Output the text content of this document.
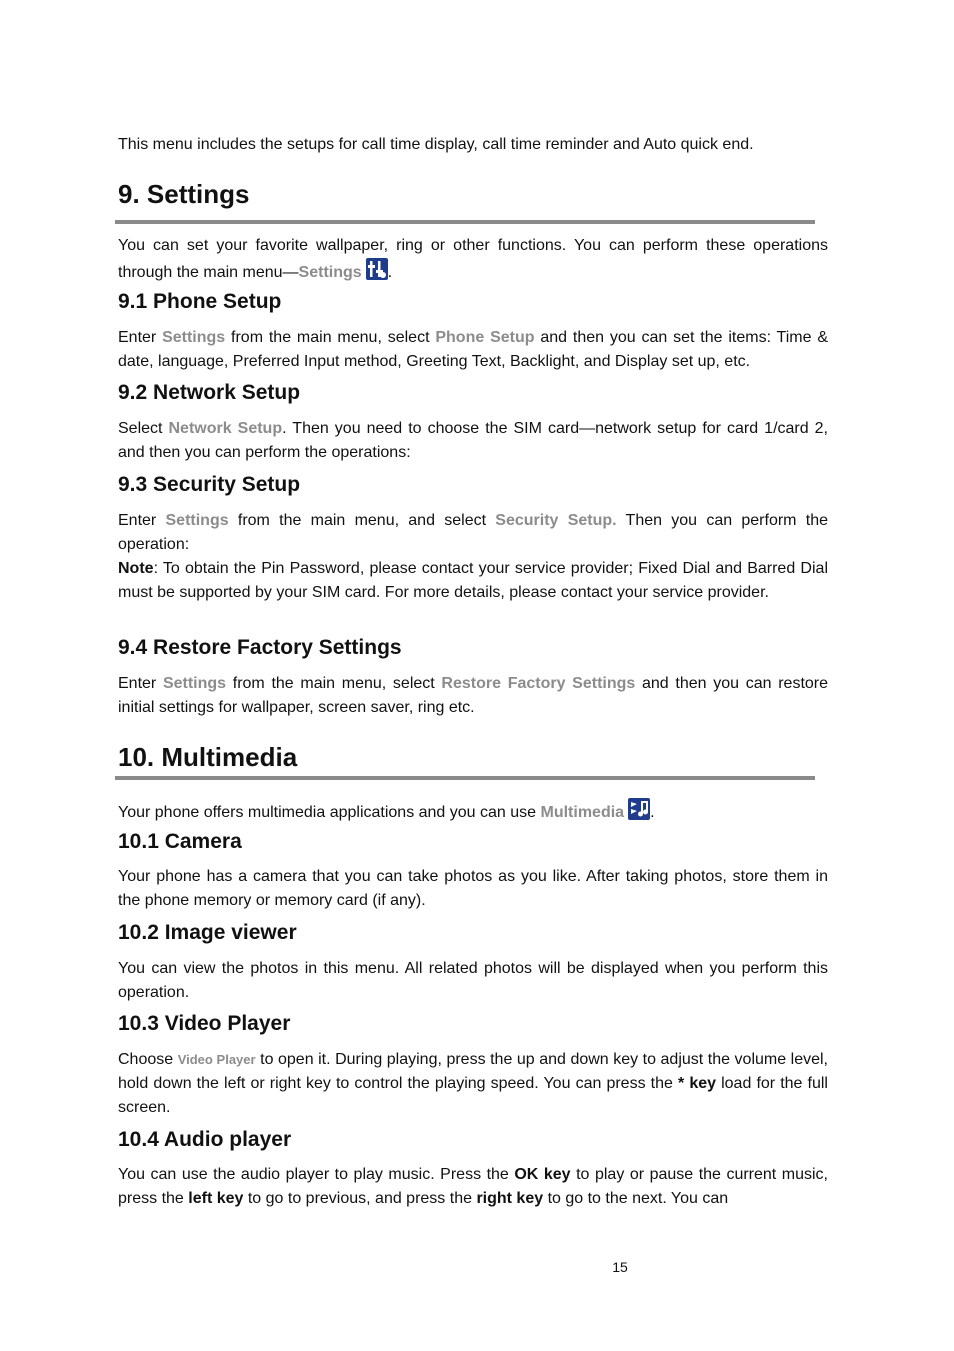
This menu includes the setups for call time display, call time reminder and Auto quick end.

9. Settings

You can set your favorite wallpaper, ring or other functions. You can perform these operations through the main menu—Settings .

9.1 Phone Setup

Enter Settings from the main menu, select Phone Setup and then you can set the items: Time & date, language, Preferred Input method, Greeting Text, Backlight, and Display set up, etc.

9.2 Network Setup

Select Network Setup. Then you need to choose the SIM card—network setup for card 1/card 2, and then you can perform the operations:

9.3 Security Setup

Enter Settings from the main menu, and select Security Setup. Then you can perform the operation:

Note: To obtain the Pin Password, please contact your service provider; Fixed Dial and Barred Dial must be supported by your SIM card. For more details, please contact your service provider.

9.4 Restore Factory Settings

Enter Settings from the main menu, select Restore Factory Settings and then you can restore initial settings for wallpaper, screen saver, ring etc.

10. Multimedia

Your phone offers multimedia applications and you can use Multimedia .

10.1 Camera

Your phone has a camera that you can take photos as you like. After taking photos, store them in the phone memory or memory card (if any).

10.2 Image viewer

You can view the photos in this menu. All related photos will be displayed when you perform this operation.

10.3 Video Player

Choose Video Player to open it. During playing, press the up and down key to adjust the volume level, hold down the left or right key to control the playing speed. You can press the * key load for the full screen.

10.4 Audio player

You can use the audio player to play music. Press the OK key to play or pause the current music, press the left key to go to previous, and press the right key to go to the next. You can

15
